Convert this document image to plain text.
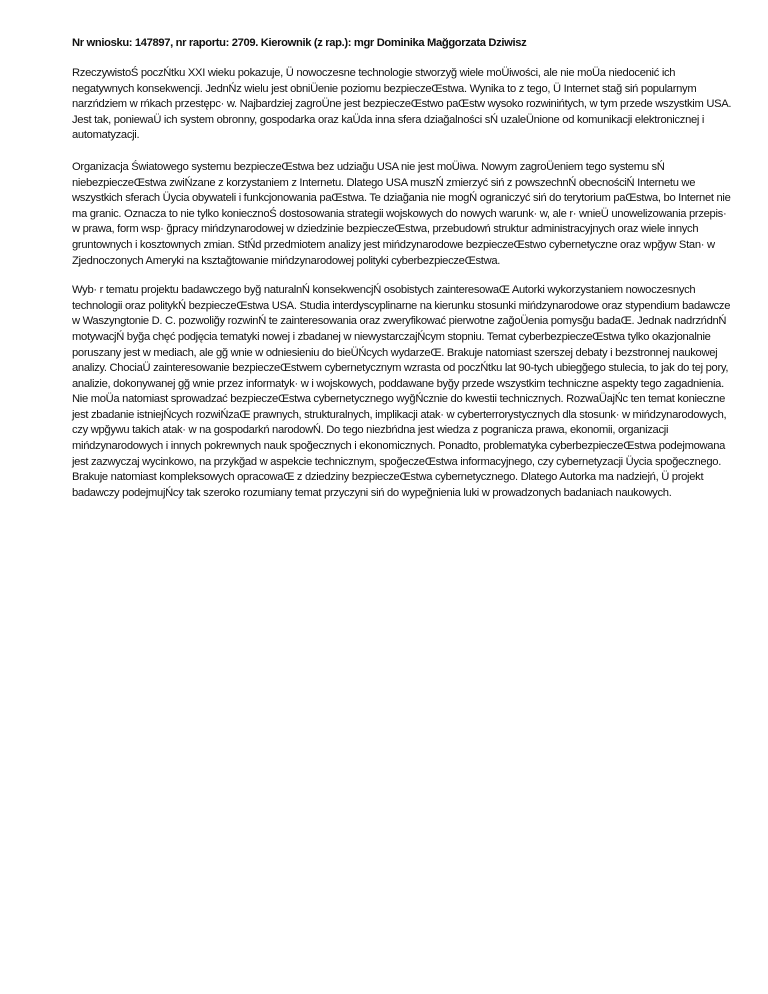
Nr wniosku: 147897, nr raportu: 2709. Kierownik (z rap.): mgr Dominika Mağgorzata Dziwisz

RzeczywistoŚ poczŃtku XXI wieku pokazuje, Ü nowoczesne technologie stworzyğ wiele moÜiwości, ale nie moÜa niedocenić ich negatywnych konsekwencji. JednŃz wielu jest obniÜenie poziomu bezpieczeŒstwa. Wynika to z tego, Ü Internet stağ siń popularnym narzńdziem w rńkach przestępc· w. Najbardziej zagroÜne jest bezpieczeŒstwo paŒstw wysoko rozwinińtych, w tym przede wszystkim USA. Jest tak, poniewaÜ ich system obronny, gospodarka oraz kaÜda inna sfera dziağalności sŃ uzaleÜnione od komunikacji elektronicznej i automatyzacji.

Organizacja Światowego systemu bezpieczeŒstwa bez udziağu USA nie jest moÜiwa. Nowym zagroÜeniem tego systemu sŃ niebezpieczeŒstwa zwiŃzane z korzystaniem z Internetu. Dlatego USA muszŃ zmierzyć siń z powszechnŃ obecnościŃ Internetu we wszystkich sferach Üycia obywateli i funkcjonowania paŒstwa. Te dziağania nie mogŃ ograniczyć siń do terytorium paŒstwa, bo Internet nie ma granic. Oznacza to nie tylko koniecznoŚ dostosowania strategii wojskowych do nowych warunk· w, ale r· wnieÜ unowelizowania przepis· w prawa, form wsp· ğpracy mińdzynarodowej w dziedzinie bezpieczeŒstwa, przebudowń struktur administracyjnych oraz wiele innych gruntownych i kosztownych zmian. StŃd przedmiotem analizy jest mińdzynarodowe bezpieczeŒstwo cybernetyczne oraz wpğyw Stan· w Zjednoczonych Ameryki na ksztağtowanie mińdzynarodowej polityki cyberbezpieczeŒstwa.

Wyb· r tematu projektu badawczego byğ naturalnŃ konsekwencjŃ osobistych zainteresowaŒ Autorki wykorzystaniem nowoczesnych technologii oraz politykŃ bezpieczeŒstwa USA. Studia interdyscyplinarne na kierunku stosunki mińdzynarodowe oraz stypendium badawcze w Waszyngtonie D. C. pozwoliğy rozwinŃ te zainteresowania oraz zweryfikować pierwotne zağoÜenia pomysğu badaŒ. Jednak nadrzńdnŃ motywacjŃ byğa chęć podjęcia tematyki nowej i zbadanej w niewystarczajŃcym stopniu. Temat cyberbezpieczeŒstwa tylko okazjonalnie poruszany jest w mediach, ale gğ wnie w odniesieniu do bieÜŃcych wydarzeŒ. Brakuje natomiast szerszej debaty i bezstronnej naukowej analizy. ChociaÜ zainteresowanie bezpieczeŒstwem cybernetycznym wzrasta od poczŃtku lat 90-tych ubiegğego stulecia, to jak do tej pory, analizie, dokonywanej gğ wnie przez informatyk· w i wojskowych, poddawane byğy przede wszystkim techniczne aspekty tego zagadnienia. Nie moÜa natomiast sprowadzać bezpieczeŒstwa cybernetycznego wyğŃcznie do kwestii technicznych. RozwaÜajŃc ten temat konieczne jest zbadanie istniejŃcych rozwiŃzaŒ prawnych, strukturalnych, implikacji atak· w cyberterrorystycznych dla stosunk· w mińdzynarodowych, czy wpğywu takich atak· w na gospodarkń narodowŃ. Do tego niezbńdna jest wiedza z pogranicza prawa, ekonomii, organizacji mińdzynarodowych i innych pokrewnych nauk spoğecznych i ekonomicznych. Ponadto, problematyka cyberbezpieczeŒstwa podejmowana jest zazwyczaj wycinkowo, na przykğad w aspekcie technicznym, spoğeczeŒstwa informacyjnego, czy cybernetyzacji Üycia spoğecznego. Brakuje natomiast kompleksowych opracowaŒ z dziedziny bezpieczeŒstwa cybernetycznego. Dlatego Autorka ma nadziejń, Ü projekt badawczy podejmujŃcy tak szeroko rozumiany temat przyczyni siń do wypeğnienia luki w prowadzonych badaniach naukowych.
